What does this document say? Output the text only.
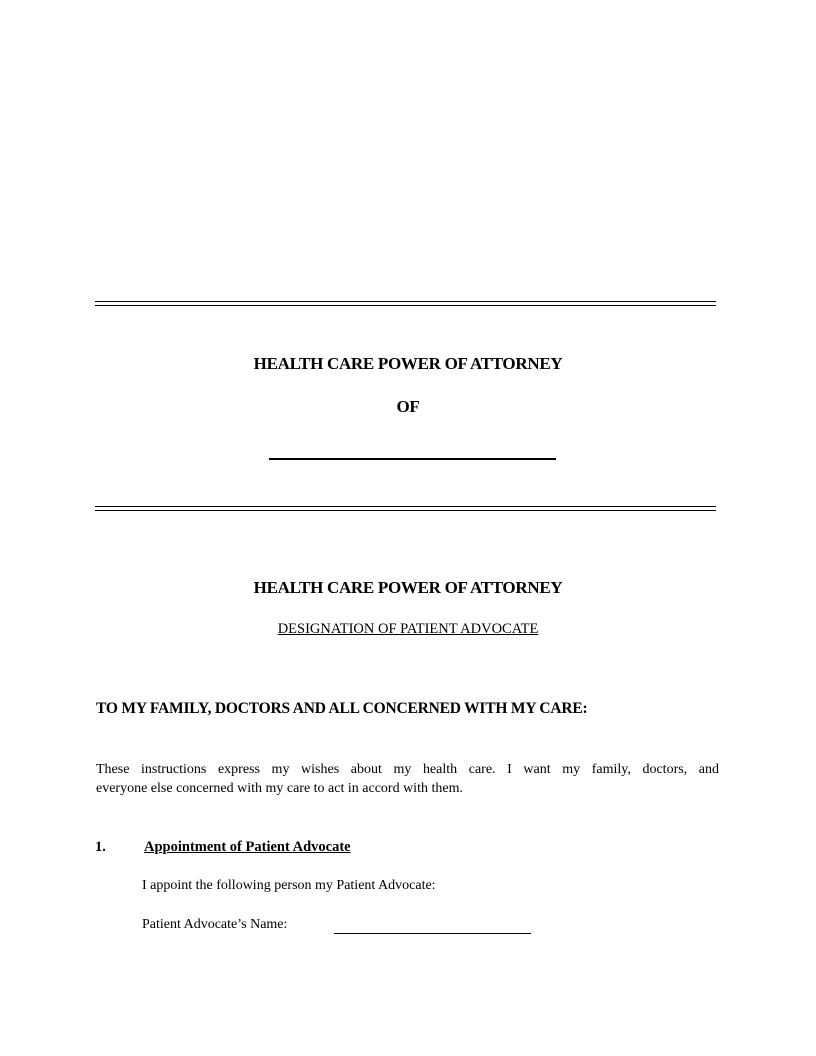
HEALTH CARE POWER OF ATTORNEY
OF
HEALTH CARE POWER OF ATTORNEY
DESIGNATION OF PATIENT ADVOCATE
TO MY FAMILY, DOCTORS AND ALL CONCERNED WITH MY CARE:
These instructions express my wishes about my health care. I want my family, doctors, and
everyone else concerned with my care to act in accord with them.
1.	Appointment of Patient Advocate
I appoint the following person my Patient Advocate:
Patient Advocate’s Name:
